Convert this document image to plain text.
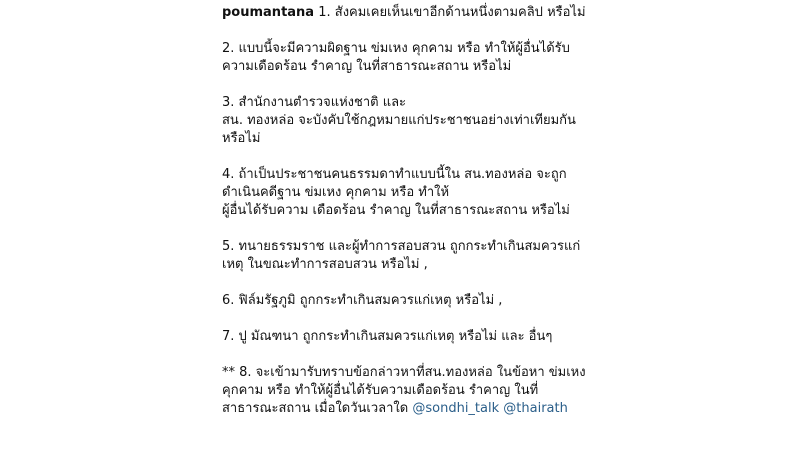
poumantana 1. สังคมเคยเห็นเขาอีกด้านหนึ่งตามคลิป หรือไม่

2. แบบนี้จะมีความผิดฐาน ข่มเหง คุกคาม หรือ ทำให้ผู้อื่นได้รับความเดือดร้อน รำคาญ ในที่สาธารณะสถาน หรือไม่

3. สำนักงานตำรวจแห่งชาติ และ
สน. ทองหล่อ จะบังคับใช้กฎหมายแก่ประชาชนอย่างเท่าเทียมกัน หรือไม่

4. ถ้าเป็นประชาชนคนธรรมดาทำแบบนี้ใน สน.ทองหล่อ จะถูกดำเนินคดีฐาน ข่มเหง คุกคาม หรือ ทำให้
ผู้อื่นได้รับความ เดือดร้อน รำคาญ ในที่สาธารณะสถาน หรือไม่

5. ทนายธรรมราช และผู้ทำการสอบสวน ถูกกระทำเกินสมควรแก่เหตุ ในขณะทำการสอบสวน หรือไม่ ,

6. ฟิล์มรัฐภูมิ ถูกกระทำเกินสมควรแก่เหตุ หรือไม่ ,

7. ปู มัณฑนา ถูกกระทำเกินสมควรแก่เหตุ หรือไม่ และ อื่นๆ

** 8. จะเข้ามารับทราบข้อกล่าวหาที่สน.ทองหล่อ ในข้อหา ข่มเหง คุกคาม หรือ ทำให้ผู้อื่นได้รับความเดือดร้อน รำคาญ ในที่สาธารณะสถาน เมื่อใดวันเวลาใด @sondhi_talk @thairath
